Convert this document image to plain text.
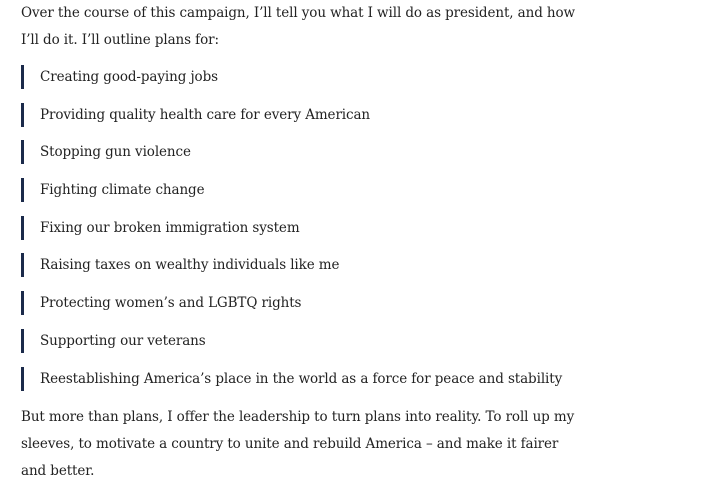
Over the course of this campaign, I’ll tell you what I will do as president, and how I’ll do it. I’ll outline plans for:

Creating good-paying jobs
Providing quality health care for every American
Stopping gun violence
Fighting climate change
Fixing our broken immigration system
Raising taxes on wealthy individuals like me
Protecting women’s and LGBTQ rights
Supporting our veterans
Reestablishing America’s place in the world as a force for peace and stability

But more than plans, I offer the leadership to turn plans into reality. To roll up my sleeves, to motivate a country to unite and rebuild America – and make it fairer and better.
